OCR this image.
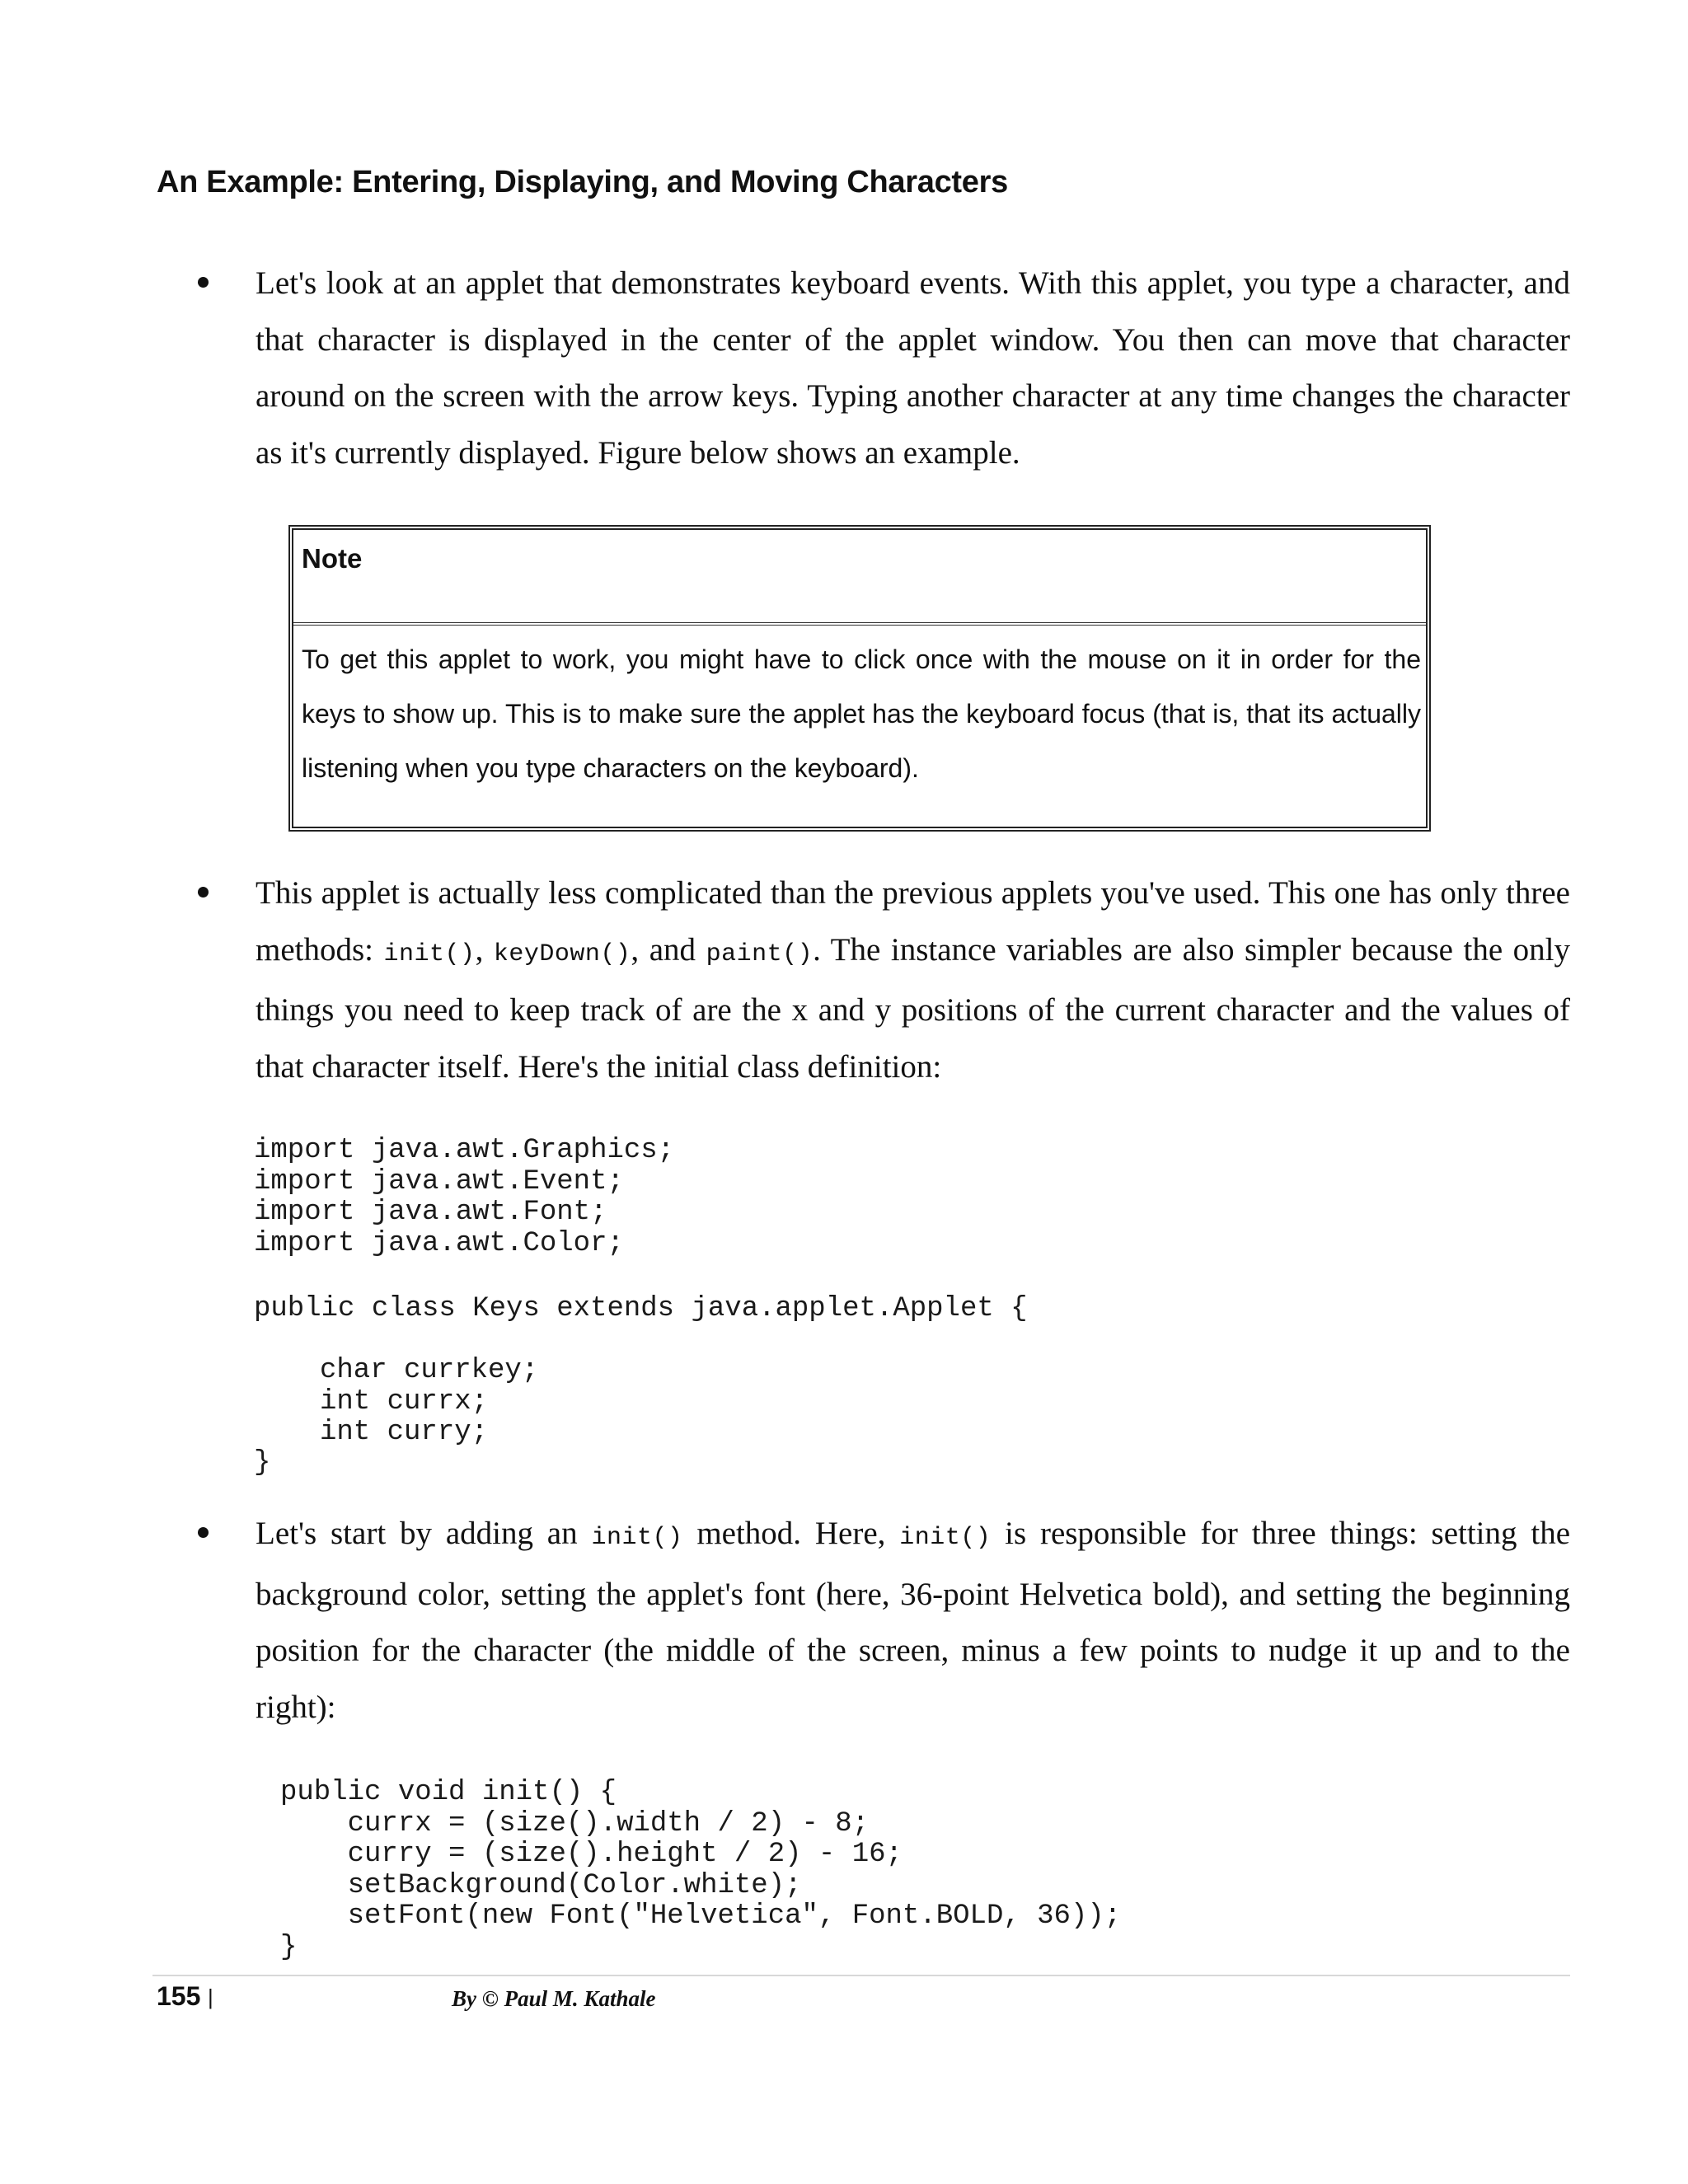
An Example: Entering, Displaying, and Moving Characters
Let's look at an applet that demonstrates keyboard events. With this applet, you type a character, and that character is displayed in the center of the applet window. You then can move that character around on the screen with the arrow keys. Typing another character at any time changes the character as it's currently displayed. Figure below shows an example.
Note
To get this applet to work, you might have to click once with the mouse on it in order for the keys to show up. This is to make sure the applet has the keyboard focus (that is, that its actually listening when you type characters on the keyboard).
This applet is actually less complicated than the previous applets you've used. This one has only three methods: init(), keyDown(), and paint(). The instance variables are also simpler because the only things you need to keep track of are the x and y positions of the current character and the values of that character itself. Here's the initial class definition:
import java.awt.Graphics;
import java.awt.Event;
import java.awt.Font;
import java.awt.Color;
public class Keys extends java.applet.Applet {
char currkey;
int currx;
int curry;
}
Let's start by adding an init() method. Here, init() is responsible for three things: setting the background color, setting the applet's font (here, 36-point Helvetica bold), and setting the beginning position for the character (the middle of the screen, minus a few points to nudge it up and to the right):
public void init() {
currx = (size().width / 2) - 8;
curry = (size().height / 2) - 16;
setBackground(Color.white);
setFont(new Font("Helvetica", Font.BOLD, 36));
}
155 |	By © Paul M. Kathale
